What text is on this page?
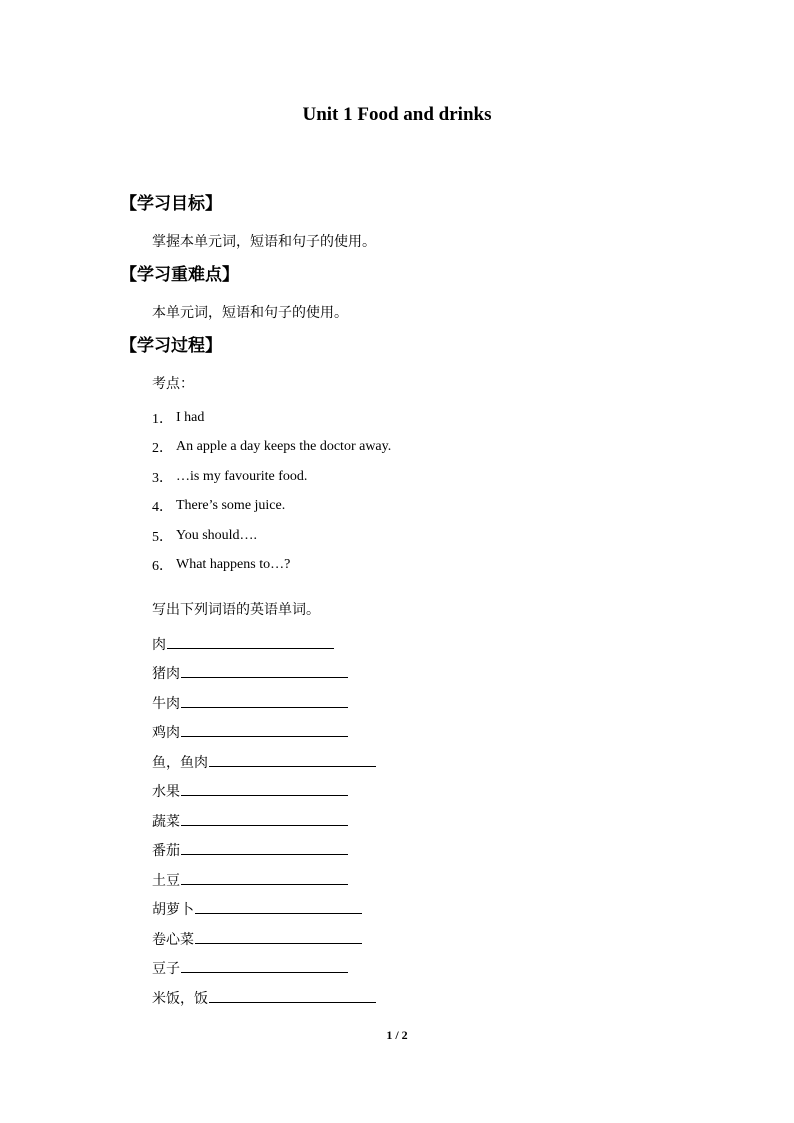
Unit 1 Food and drinks
【学习目标】
掌握本单元词，短语和句子的使用。
【学习重难点】
本单元词，短语和句子的使用。
【学习过程】
考点：
1． I had
2． An apple a day keeps the doctor away.
3． …is my favourite food.
4． There’s some juice.
5． You should….
6． What happens to…?
写出下列词语的英语单词。
肉
猪肉
牛肉
鸡肉
鱼，鱼肉
水果
蔬菜
番茄
土豆
胡萝卜
卷心菜
豆子
米饭，饭
1 / 2
